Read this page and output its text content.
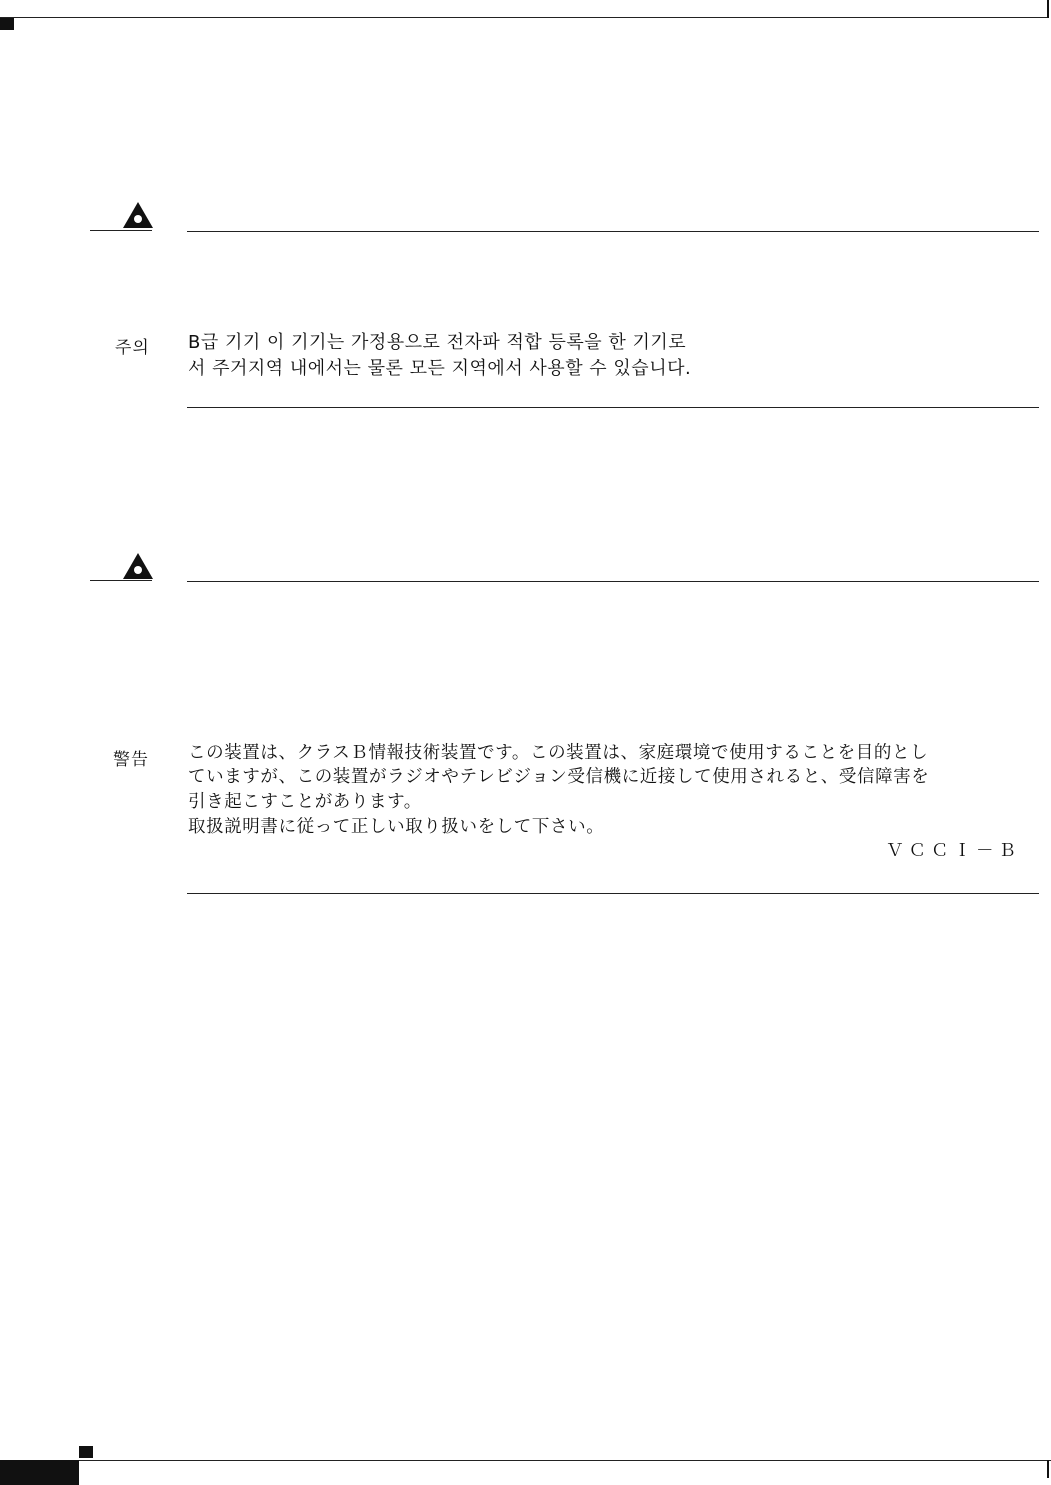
주의 B급 기기 이 기기는 가정용으로 전자파 적합 등록을 한 기기로
서 주거지역 내에서는 물론 모든 지역에서 사용할 수 있습니다.
警告 この装置は、クラスＢ情報技術装置です。この装置は、家庭環境で使用することを目的とし
ていますが、この装置がラジオやテレビジョン受信機に近接して使用されると、受信障害を
引き起こすことがあります。
取扱説明書に従って正しい取り扱いをして下さい。
ＶＣＣＩ－Ｂ
